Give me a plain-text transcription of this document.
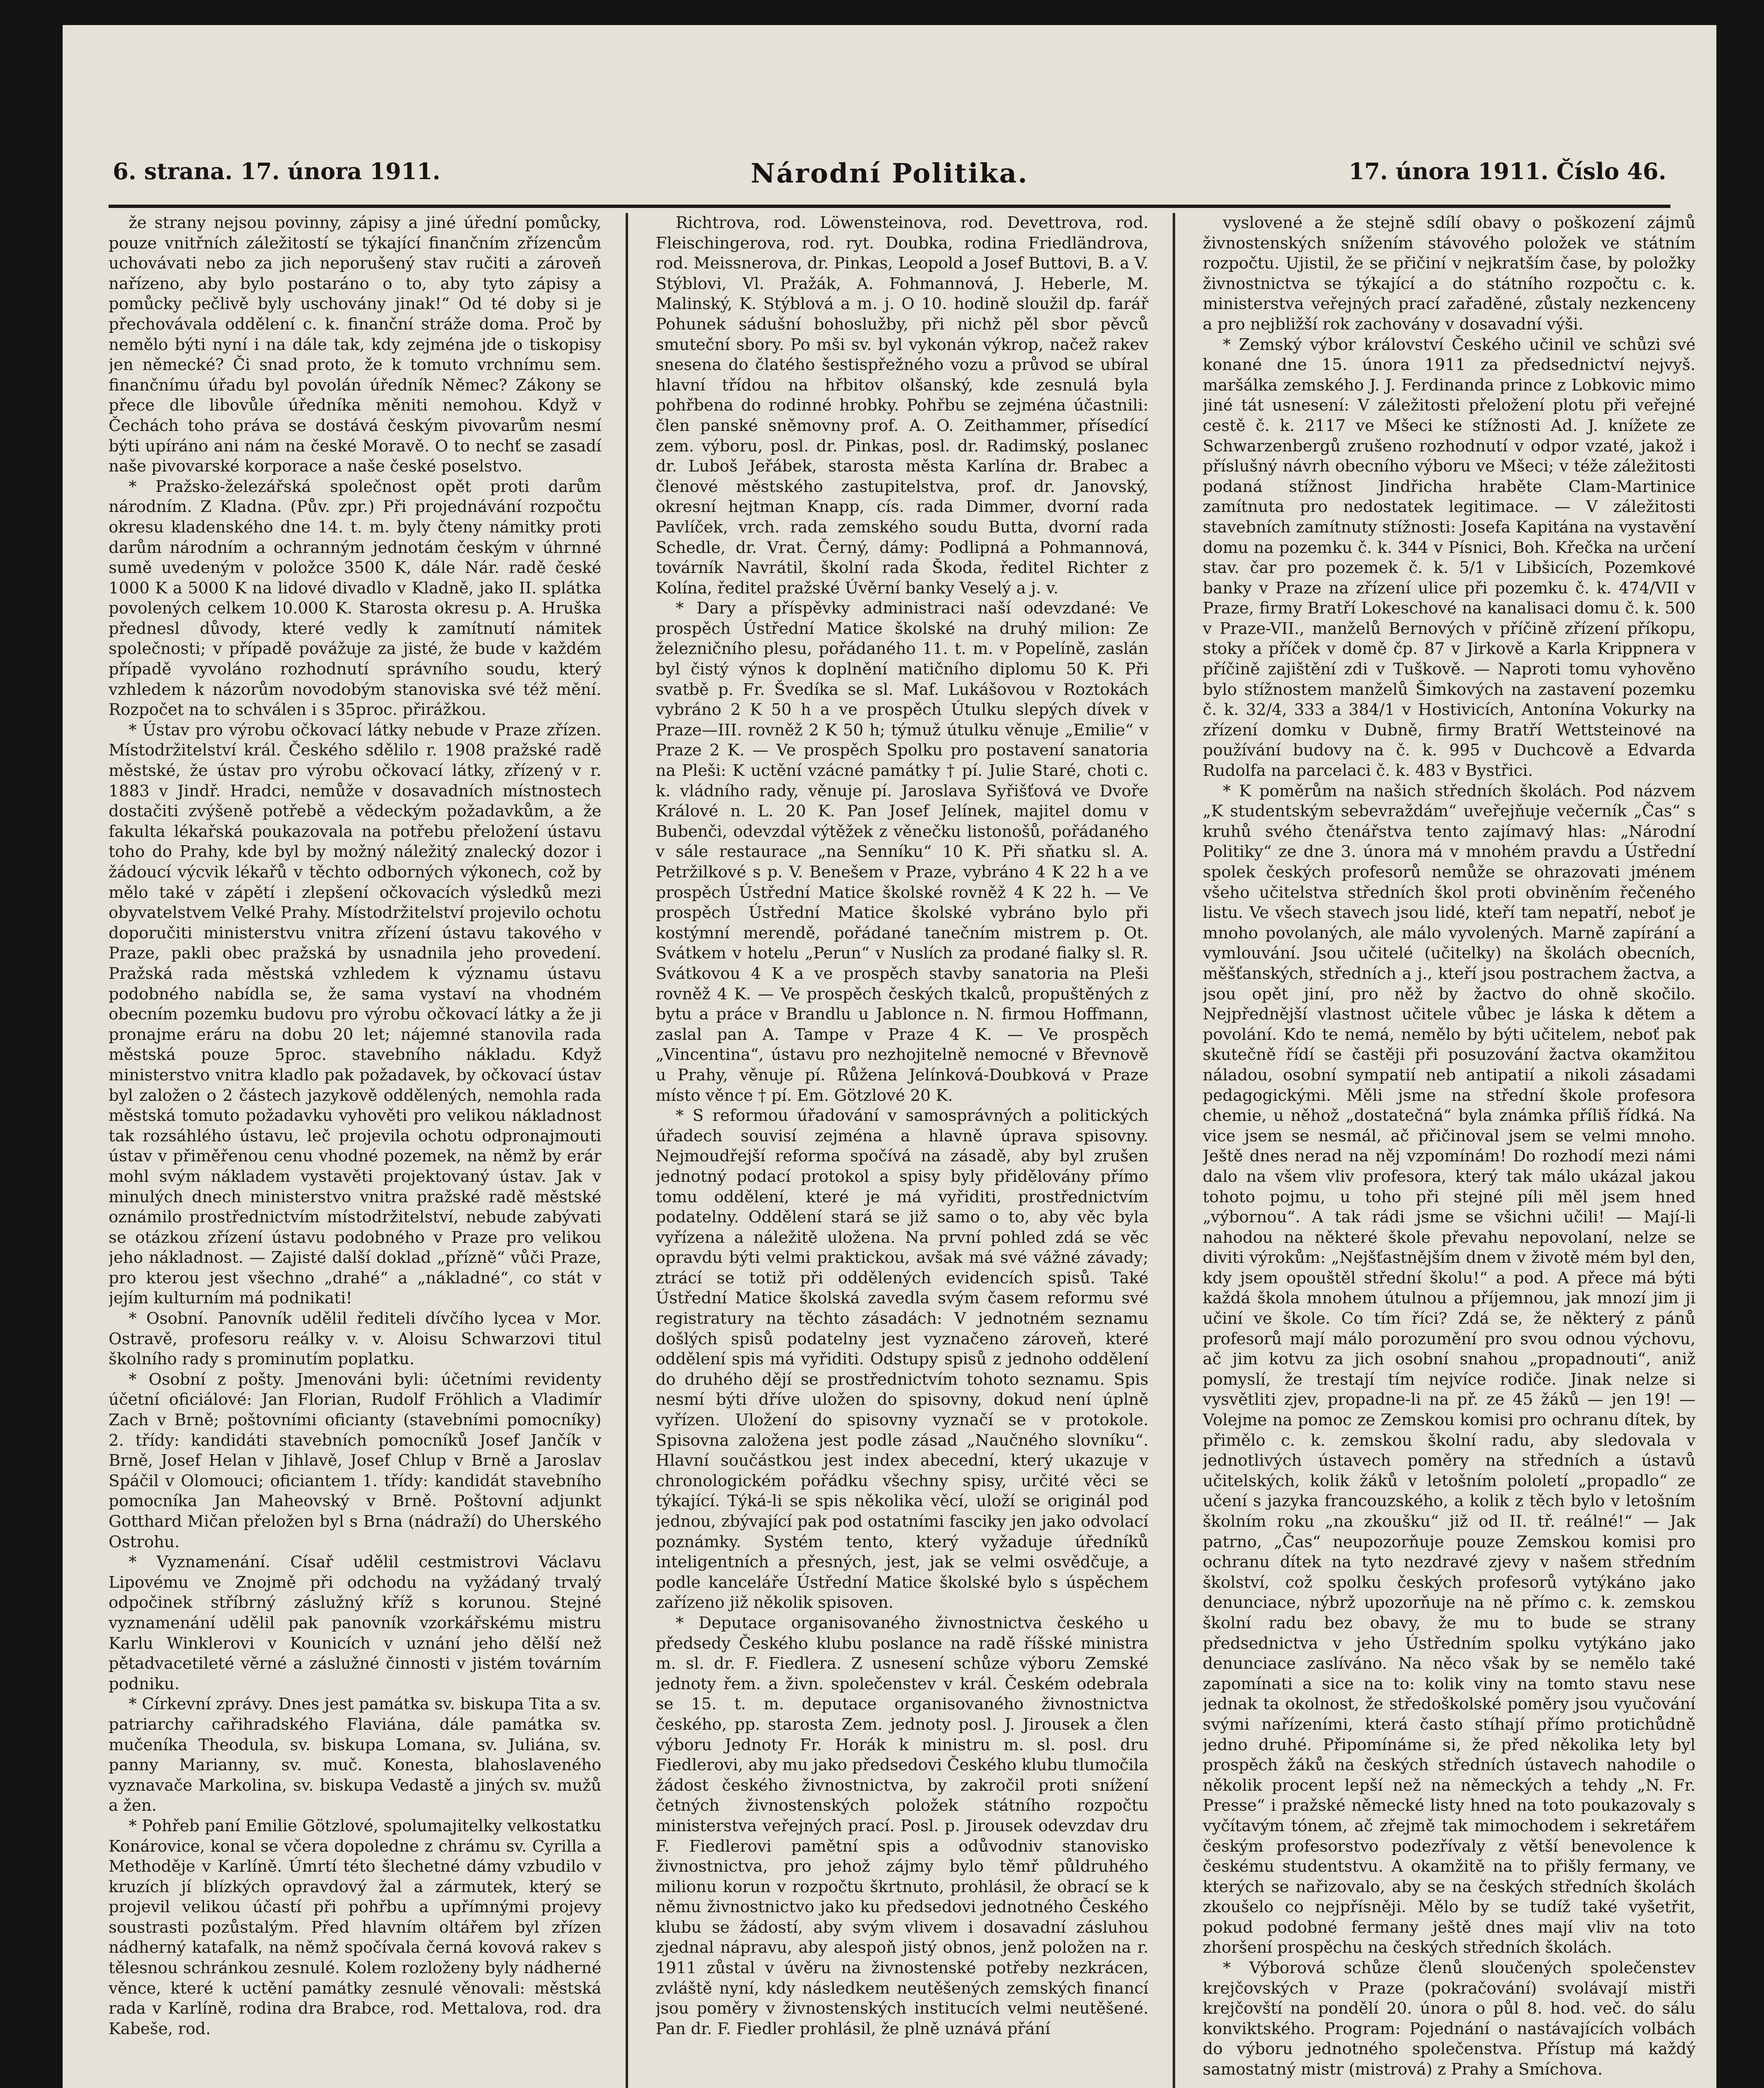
6. strana. 17. února 1911.	Národní Politika.	17. února 1911. Číslo 46.

že strany nejsou povinny, zápisy a jiné úřední pomůcky, pouze vnitřních záležitostí se týkající finančním zřízencům uchovávati nebo za jich neporušený stav ručiti a zároveň nařízeno, aby bylo postaráno o to, aby tyto zápisy a pomůcky pečlivě byly uschovány jinak!“ Od té doby si je přechovávala oddělení c. k. finanční stráže doma. Proč by nemělo býti nyní i na dále tak, kdy zejména jde o tiskopisy jen německé? Či snad proto, že k tomuto vrchnímu sem. finančnímu úřadu byl povolán úředník Němec? Zákony se přece dle libovůle úředníka měniti nemohou. Když v Čechách toho práva se dostává českým pivovarům nesmí býti upíráno ani nám na české Moravě. O to nechť se zasadí naše pivovarské korporace a naše české poselstvo.

* Pražsko-železářská společnost opět proti darům národním. Z Kladna. (Pův. zpr.) Při projednávání rozpočtu okresu kladenského dne 14. t. m. byly čteny námitky proti darům národním a ochranným jednotám českým v úhrnné sumě uvedeným v položce 3500 K, dále Nár. radě české 1000 K a 5000 K na lidové divadlo v Kladně, jako II. splátka povolených celkem 10.000 K. Starosta okresu p. A. Hruška přednesl důvody, které vedly k zamítnutí námitek společnosti; v případě povážuje za jisté, že bude v každém případě vyvoláno rozhodnutí správního soudu, který vzhledem k názorům novodobým stanoviska své též mění. Rozpočet na to schválen i s 35proc. přirážkou.

* Ústav pro výrobu očkovací látky nebude v Praze zřízen. Místodržitelství král. Českého sdělilo r. 1908 pražské radě městské, že ústav pro výrobu očkovací látky, zřízený v r. 1883 v Jindř. Hradci, nemůže v dosavadních místnostech dostačiti zvýšeně potřebě a vědeckým požadavkům, a že fakulta lékařská poukazovala na potřebu přeložení ústavu toho do Prahy, kde byl by možný náležitý znalecký dozor i žádoucí výcvik lékařů v těchto odborných výkonech, což by mělo také v zápětí i zlepšení očkovacích výsledků mezi obyvatelstvem Velké Prahy. Místodržitelství projevilo ochotu doporučiti ministerstvu vnitra zřízení ústavu takového v Praze, pakli obec pražská by usnadnila jeho provedení. Pražská rada městská vzhledem k významu ústavu podobného nabídla se, že sama vystaví na vhodném obecním pozemku budovu pro výrobu očkovací látky a že ji pronajme eráru na dobu 20 let; nájemné stanovila rada městská pouze 5proc. stavebního nákladu. Když ministerstvo vnitra kladlo pak požadavek, by očkovací ústav byl založen o 2 částech jazykově oddělených, nemohla rada městská tomuto požadavku vyhověti pro velikou nákladnost tak rozsáhlého ústavu, leč projevila ochotu odpronajmouti ústav v přiměřenou cenu vhodné pozemek, na němž by erár mohl svým nákladem vystavěti projektovaný ústav. Jak v minulých dnech ministerstvo vnitra pražské radě městské oznámilo prostřednictvím místodržitelství, nebude zabývati se otázkou zřízení ústavu podobného v Praze pro velikou jeho nákladnost. — Zajisté další doklad „přízně“ vůči Praze, pro kterou jest všechno „drahé“ a „nákladné“, co stát v jejím kulturním má podnikati!

* Osobní. Panovník udělil řediteli dívčího lycea v Mor. Ostravě, profesoru reálky v. v. Aloisu Schwarzovi titul školního rady s prominutím poplatku.

* Osobní z pošty. Jmenováni byli: účetními revidenty účetní oficiálové: Jan Florian, Rudolf Fröhlich a Vladimír Zach v Brně; poštovními oficianty (stavebními pomocníky) 2. třídy: kandidáti stavebních pomocníků Josef Jančík v Brně, Josef Helan v Jihlavě, Josef Chlup v Brně a Jaroslav Spáčil v Olomouci; oficiantem 1. třídy: kandidát stavebního pomocníka Jan Maheovský v Brně. Poštovní adjunkt Gotthard Mičan přeložen byl s Brna (nádraží) do Uherského Ostrohu.

* Vyznamenání. Císař udělil cestmistrovi Václavu Lipovému ve Znojmě při odchodu na vyžádaný trvalý odpočinek stříbrný záslužný kříž s korunou. Stejné vyznamenání udělil pak panovník vzorkářskému mistru Karlu Winklerovi v Kounicích v uznání jeho dělší než pětadvacetileté věrné a záslužné činnosti v jistém továrním podniku.

* Církevní zprávy. Dnes jest památka sv. biskupa Tita a sv. patriarchy cařihradského Flaviána, dále památka sv. mučeníka Theodula, sv. biskupa Lomana, sv. Juliána, sv. panny Marianny, sv. muč. Konesta, blahoslaveného vyznavače Markolina, sv. biskupa Vedastě a jiných sv. mužů a žen.

* Pohřeb paní Emilie Götzlové, spolumajitelky velkostatku Konárovice, konal se včera dopoledne z chrámu sv. Cyrilla a Methoděje v Karlíně. Úmrtí této šlechetné dámy vzbudilo v kruzích jí blízkých opravdový žal a zármutek, který se projevil velikou účastí při pohřbu a upřímnými projevy soustrasti pozůstalým. Před hlavním oltářem byl zřízen nádherný katafalk, na němž spočívala černá kovová rakev s tělesnou schránkou zesnulé. Kolem rozloženy byly nádherné věnce, které k uctění památky zesnulé věnovali: městská rada v Karlíně, rodina dra Brabce, rod. Mettalova, rod. dra Kabeše, rod.

Richtrova, rod. Löwensteinova, rod. Devettrova, rod. Fleischingerova, rod. ryt. Doubka, rodina Friedländrova, rod. Meissnerova, dr. Pinkas, Leopold a Josef Buttovi, B. a V. Stýblovi, Vl. Pražák, A. Fohmannová, J. Heberle, M. Malinský, K. Stýblová a m. j. O 10. hodině sloužil dp. farář Pohunek sádušní bohoslužby, při nichž pěl sbor pěvců smuteční sbory. Po mši sv. byl vykonán výkrop, načež rakev snesena do člatého šestispřežného vozu a průvod se ubíral hlavní třídou na hřbitov olšanský, kde zesnulá byla pohřbena do rodinné hrobky. Pohřbu se zejména účastnili: člen panské sněmovny prof. A. O. Zeithammer, přísedící zem. výboru, posl. dr. Pinkas, posl. dr. Radimský, poslanec dr. Luboš Jeřábek, starosta města Karlína dr. Brabec a členové městského zastupitelstva, prof. dr. Janovský, okresní hejtman Knapp, cís. rada Dimmer, dvorní rada Pavlíček, vrch. rada zemského soudu Butta, dvorní rada Schedle, dr. Vrat. Černý, dámy: Podlipná a Pohmannová, továrník Navrátil, školní rada Škoda, ředitel Richter z Kolína, ředitel pražské Úvěrní banky Veselý a j. v.

* Dary a příspěvky administraci naší odevzdané: Ve prospěch Ústřední Matice školské na druhý milion: Ze železničního plesu, pořádaného 11. t. m. v Popelíně, zaslán byl čistý výnos k doplnění matičního diplomu 50 K. Při svatbě p. Fr. Švedíka se sl. Maf. Lukášovou v Roztokách vybráno 2 K 50 h a ve prospěch Útulku slepých dívek v Praze—III. rovněž 2 K 50 h; týmuž útulku věnuje „Emilie“ v Praze 2 K. — Ve prospěch Spolku pro postavení sanatoria na Pleši: K uctění vzácné památky † pí. Julie Staré, choti c. k. vládního rady, věnuje pí. Jaroslava Syřišťová ve Dvoře Králové n. L. 20 K. Pan Josef Jelínek, majitel domu v Bubenči, odevzdal výtěžek z věnečku listonošů, pořádaného v sále restaurace „na Senníku“ 10 K. Při sňatku sl. A. Petržilkové s p. V. Benešem v Praze, vybráno 4 K 22 h a ve prospěch Ústřední Matice školské rovněž 4 K 22 h. — Ve prospěch Ústřední Matice školské vybráno bylo při kostýmní merendě, pořádané tanečním mistrem p. Ot. Svátkem v hotelu „Perun“ v Nuslích za prodané fialky sl. R. Svátkovou 4 K a ve prospěch stavby sanatoria na Pleši rovněž 4 K. — Ve prospěch českých tkalců, propuštěných z bytu a práce v Brandlu u Jablonce n. N. firmou Hoffmann, zaslal pan A. Tampe v Praze 4 K. — Ve prospěch „Vincentina“, ústavu pro nezhojitelně nemocné v Břevnově u Prahy, věnuje pí. Růžena Jelínková-Doubková v Praze místo věnce † pí. Em. Götzlové 20 K.

* S reformou úřadování v samosprávných a politických úřadech souvisí zejména a hlavně úprava spisovny. Nejmoudřejší reforma spočívá na zásadě, aby byl zrušen jednotný podací protokol a spisy byly přidělovány přímo tomu oddělení, které je má vyřiditi, prostřednictvím podatelny. Oddělení stará se již samo o to, aby věc byla vyřízena a náležitě uložena. Na první pohled zdá se věc opravdu býti velmi praktickou, avšak má své vážné závady; ztrácí se totiž při oddělených evidencích spisů. Také Ústřední Matice školská zavedla svým časem reformu své registratury na těchto zásadách: V jednotném seznamu došlých spisů podatelny jest vyznačeno zároveň, které oddělení spis má vyřiditi. Odstupy spisů z jednoho oddělení do druhého dějí se prostřednictvím tohoto seznamu. Spis nesmí býti dříve uložen do spisovny, dokud není úplně vyřízen. Uložení do spisovny vyznačí se v protokole. Spisovna založena jest podle zásad „Naučného slovníku“. Hlavní součástkou jest index abecední, který ukazuje v chronologickém pořádku všechny spisy, určité věci se týkající. Týká-li se spis několika věcí, uloží se originál pod jednou, zbývající pak pod ostatními fasciky jen jako odvolací poznámky. Systém tento, který vyžaduje úředníků inteligentních a přesných, jest, jak se velmi osvědčuje, a podle kanceláře Ústřední Matice školské bylo s úspěchem zařízeno již několik spisoven.

* Deputace organisovaného živnostnictva českého u předsedy Českého klubu poslance na radě říšské ministra m. sl. dr. F. Fiedlera. Z usnesení schůze výboru Zemské jednoty řem. a živn. společenstev v král. Českém odebrala se 15. t. m. deputace organisovaného živnostnictva českého, pp. starosta Zem. jednoty posl. J. Jirousek a člen výboru Jednoty Fr. Horák k ministru m. sl. posl. dru Fiedlerovi, aby mu jako předsedovi Českého klubu tlumočila žádost českého živnostnictva, by zakročil proti snížení četných živnostenských položek státního rozpočtu ministerstva veřejných prací. Posl. p. Jirousek odevzdav dru F. Fiedlerovi pamětní spis a odůvodniv stanovisko živnostnictva, pro jehož zájmy bylo těmř půldruhého milionu korun v rozpočtu škrtnuto, prohlásil, že obrací se k němu živnostnictvo jako ku předsedovi jednotného Českého klubu se žádostí, aby svým vlivem i dosavadní zásluhou zjednal nápravu, aby alespoň jistý obnos, jenž položen na r. 1911 zůstal v úvěru na živnostenské potřeby nezkrácen, zvláště nyní, kdy následkem neutěšených zemských financí jsou poměry v živnostenských institucích velmi neutěšené. Pan dr. F. Fiedler prohlásil, že plně uznává přání

vyslovené a že stejně sdílí obavy o poškození zájmů živnostenských snížením stávového položek ve státním rozpočtu. Ujistil, že se přičiní v nejkratším čase, by položky živnostnictva se týkající a do státního rozpočtu c. k. ministerstva veřejných prací zařaděné, zůstaly nezkenceny a pro nejbližší rok zachovány v dosavadní výši.

* Zemský výbor království Českého učinil ve schůzi své konané dne 15. února 1911 za předsednictví nejvyš. maršálka zemského J. J. Ferdinanda prince z Lobkovic mimo jiné tát usnesení: V záležitosti přeložení plotu při veřejné cestě č. k. 2117 ve Mšeci ke stížnosti Ad. J. knížete ze Schwarzenbergů zrušeno rozhodnutí v odpor vzaté, jakož i příslušný návrh obecního výboru ve Mšeci; v téže záležitosti podaná stížnost Jindřicha hraběte Clam-Martinice zamítnuta pro nedostatek legitimace. — V záležitosti stavebních zamítnuty stížnosti: Josefa Kapitána na vystavění domu na pozemku č. k. 344 v Písnici, Boh. Křečka na určení stav. čar pro pozemek č. k. 5/1 v Libšicích, Pozemkové banky v Praze na zřízení ulice při pozemku č. k. 474/VII v Praze, firmy Bratří Lokeschové na kanalisaci domu č. k. 500 v Praze-VII., manželů Bernových v příčině zřízení příkopu, stoky a příček v domě čp. 87 v Jirkově a Karla Krippnera v příčině zajištění zdi v Tuškově. — Naproti tomu vyhověno bylo stížnostem manželů Šimkových na zastavení pozemku č. k. 32/4, 333 a 384/1 v Hostivicích, Antonína Vokurky na zřízení domku v Dubně, firmy Bratří Wettsteinové na používání budovy na č. k. 995 v Duchcově a Edvarda Rudolfa na parcelaci č. k. 483 v Bystřici.

* K poměrům na našich středních školách. Pod názvem „K studentským sebevraždám“ uveřejňuje večerník „Čas“ s kruhů svého čtenářstva tento zajímavý hlas: „Národní Politiky“ ze dne 3. února má v mnohém pravdu a Ústřední spolek českých profesorů nemůže se ohrazovati jménem všeho učitelstva středních škol proti obviněním řečeného listu. Ve všech stavech jsou lidé, kteří tam nepatří, neboť je mnoho povolaných, ale málo vyvolených. Marně zapírání a vymlouvání. Jsou učitelé (učitelky) na školách obecních, měšťanských, středních a j., kteří jsou postrachem žactva, a jsou opět jiní, pro něž by žactvo do ohně skočilo. Nejpřednější vlastnost učitele vůbec je láska k dětem a povolání. Kdo te nemá, nemělo by býti učitelem, neboť pak skutečně řídí se častěji při posuzování žactva okamžitou náladou, osobní sympatií neb antipatií a nikoli zásadami pedagogickými. Měli jsme na střední škole profesora chemie, u něhož „dostatečná“ byla známka příliš řídká. Na vice jsem se nesmál, ač přičinoval jsem se velmi mnoho. Ještě dnes nerad na něj vzpomínám! Do rozhodí mezi námi dalo na všem vliv profesora, který tak málo ukázal jakou tohoto pojmu, u toho při stejné píli měl jsem hned „výbornou“. A tak rádi jsme se všichni učili! — Mají-li nahodou na některé škole převahu nepovolaní, nelze se diviti výrokům: „Nejšťastnějším dnem v životě mém byl den, kdy jsem opouštěl střední školu!“ a pod. A přece má býti každá škola mnohem útulnou a příjemnou, jak mnozí jim ji učiní ve škole. Co tím říci? Zdá se, že některý z pánů profesorů mají málo porozumění pro svou odnou výchovu, ač jim kotvu za jich osobní snahou „propadnouti“, aniž pomyslí, že trestají tím nejvíce rodiče. Jinak nelze si vysvětliti zjev, propadne-li na př. ze 45 žáků — jen 19! — Volejme na pomoc ze Zemskou komisi pro ochranu dítek, by přimělo c. k. zemskou školní radu, aby sledovala v jednotlivých ústavech poměry na středních a ústavů učitelských, kolik žáků v letošním pololetí „propadlo“ ze učení s jazyka francouzského, a kolik z těch bylo v letošním školním roku „na zkoušku“ již od II. tř. reálné!“ — Jak patrno, „Čas“ neupozorňuje pouze Zemskou komisi pro ochranu dítek na tyto nezdravé zjevy v našem středním školství, což spolku českých profesorů vytýkáno jako denunciace, nýbrž upozorňuje na ně přímo c. k. zemskou školní radu bez obavy, že mu to bude se strany předsednictva v jeho Ústředním spolku vytýkáno jako denunciace zaslíváno. Na něco však by se nemělo také zapomínati a sice na to: kolik viny na tomto stavu nese jednak ta okolnost, že středoškolské poměry jsou vyučování svými nařízeními, která často stíhají přímo protichůdně jedno druhé. Připomínáme si, že před několika lety byl prospěch žáků na českých středních ústavech nahodile o několik procent lepší než na německých a tehdy „N. Fr. Presse“ i pražské německé listy hned na toto poukazovaly s vyčítavým tónem, ač zřejmě tak mimochodem i sekretářem českým profesorstvo podezřívaly z větší benevolence k českému studentstvu. A okamžitě na to přišly fermany, ve kterých se nařizovalo, aby se na českých středních školách zkoušelo co nejpřísněji. Mělo by se tudíž také vyšetřit, pokud podobné fermany ještě dnes mají vliv na toto zhoršení prospěchu na českých středních školách.

* Výborová schůze členů sloučených společenstev krejčovských v Praze (pokračování) svolávají mistři krejčovští na pondělí 20. února o půl 8. hod. več. do sálu konviktského. Program: Pojednání o nastávajících volbách do výboru jednotného společenstva. Přístup má každý samostatný mistr (mistrová) z Prahy a Smíchova.
